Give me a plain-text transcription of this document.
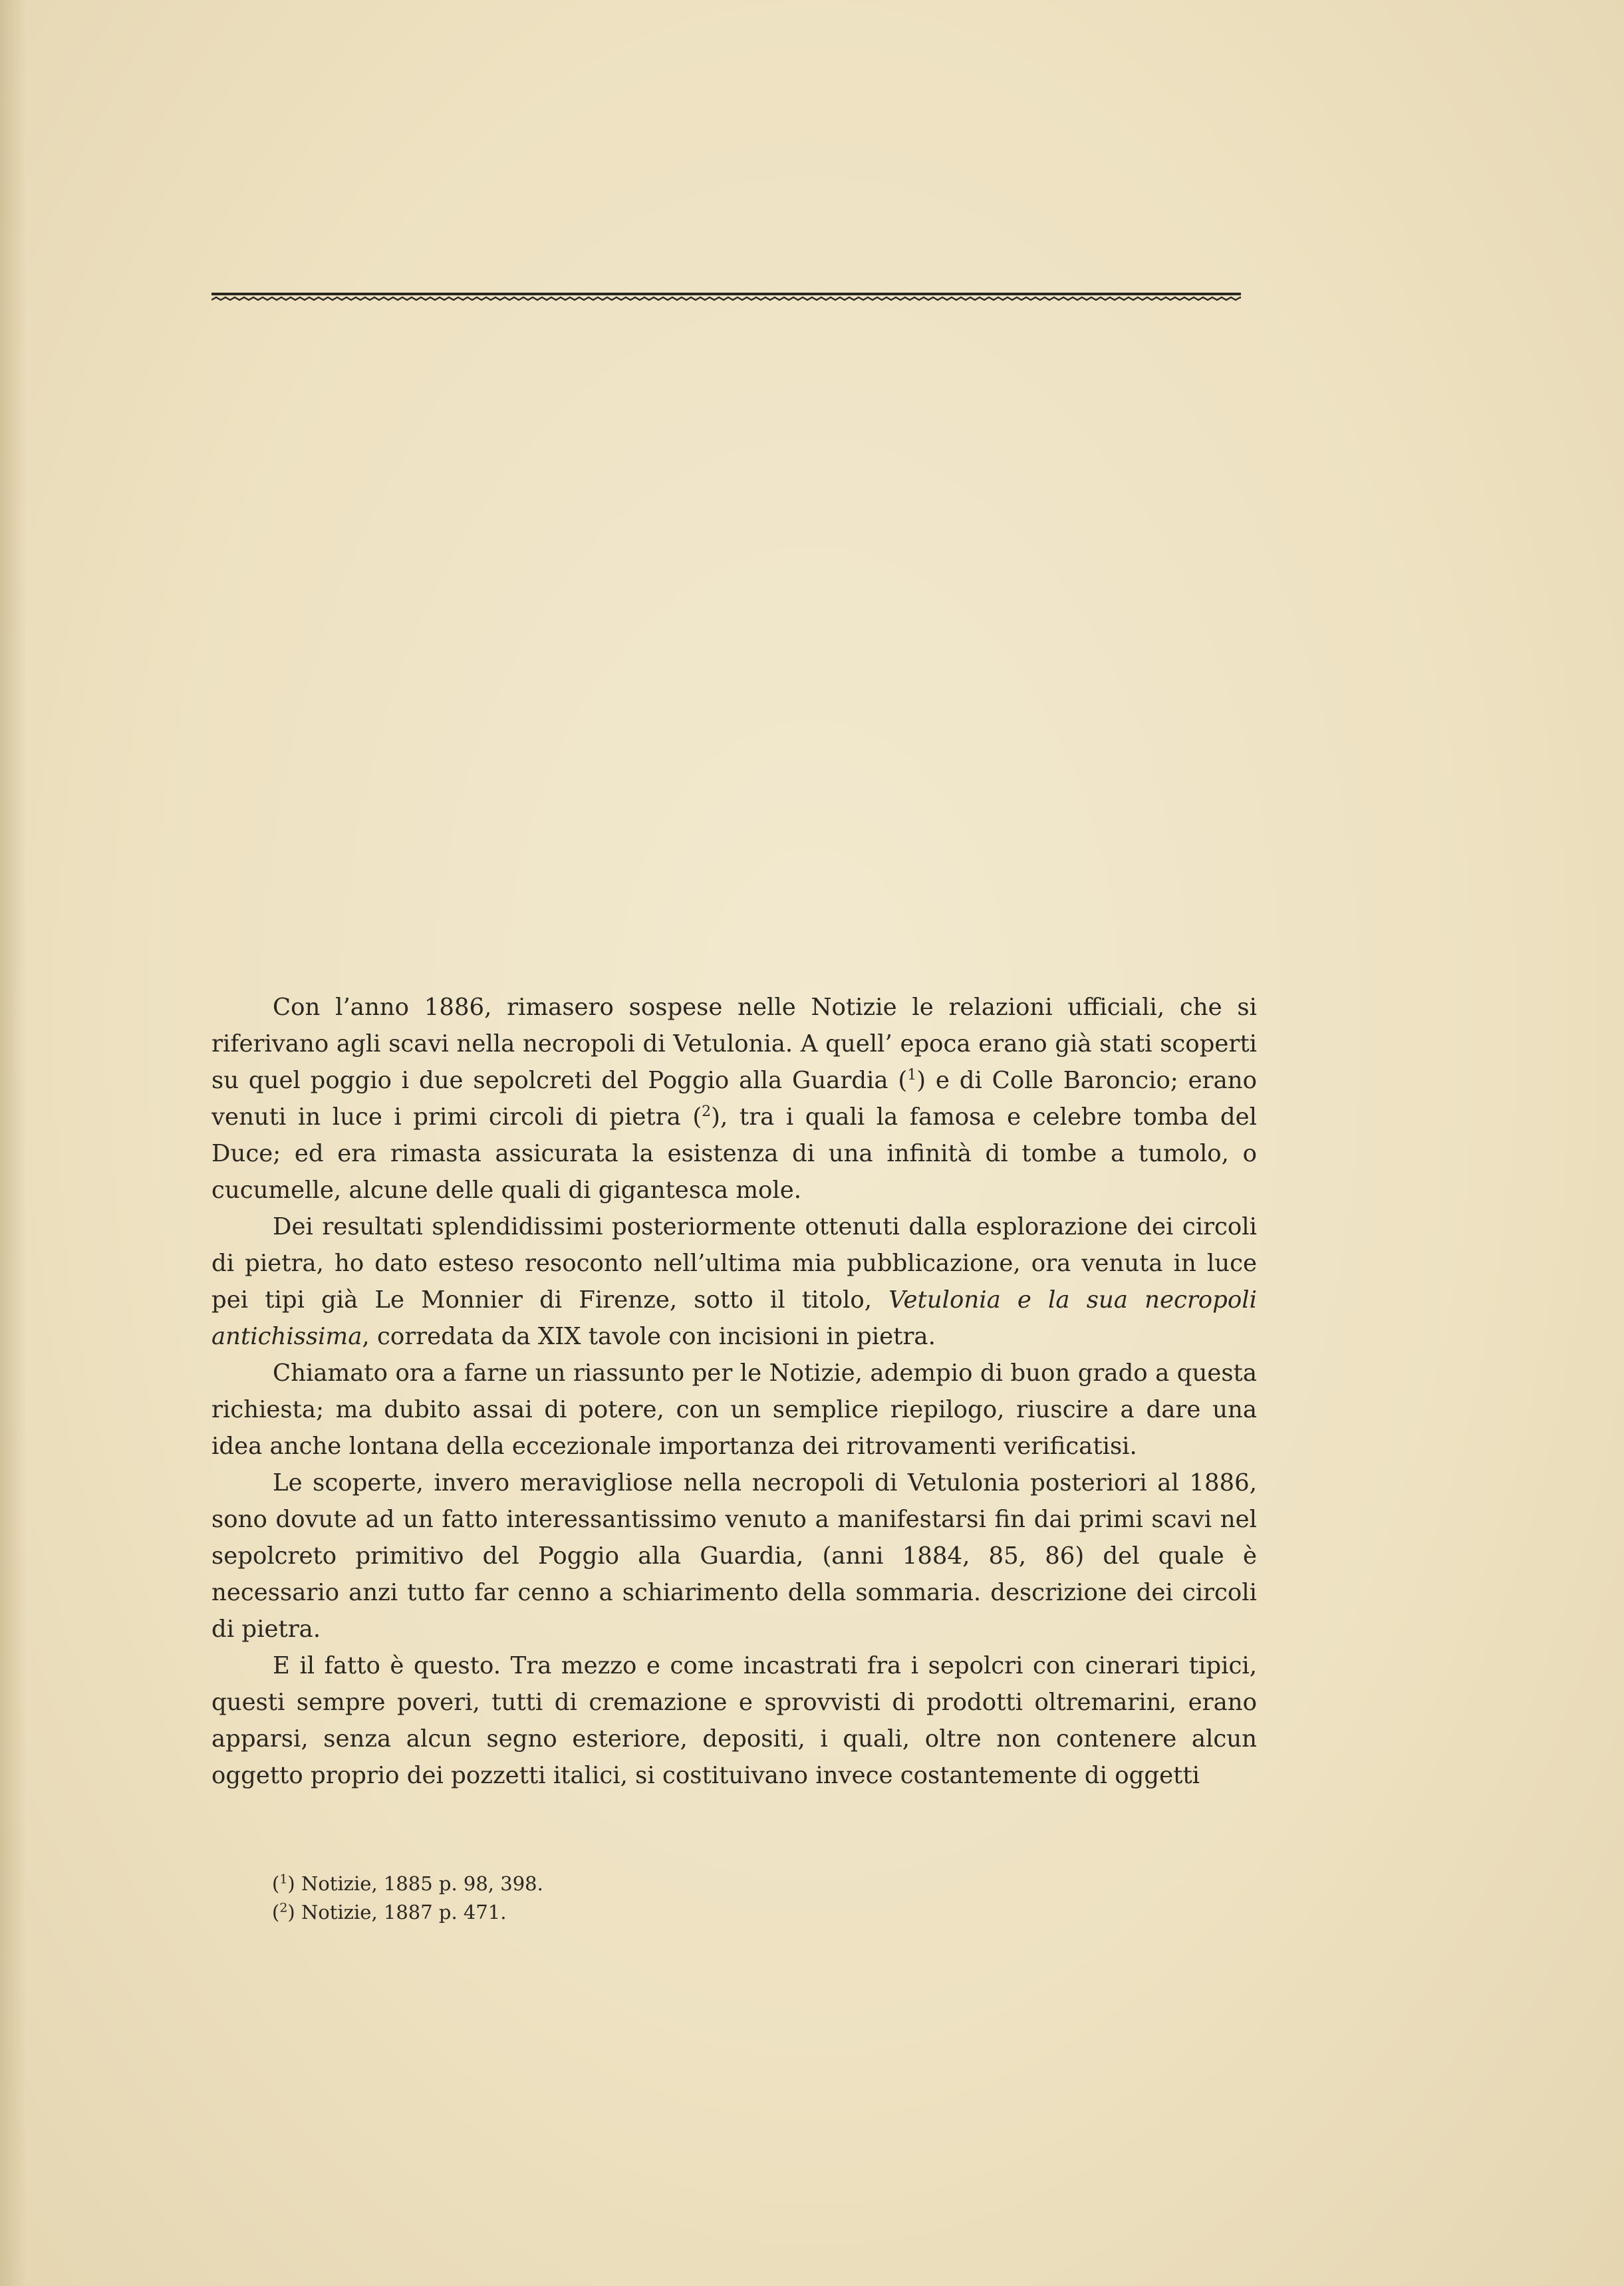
Con l’anno 1886, rimasero sospese nelle Notizie le relazioni ufficiali, che si riferivano agli scavi nella necropoli di Vetulonia. A quell’ epoca erano già stati scoperti su quel poggio i due sepolcreti del Poggio alla Guardia ($^1$) e di Colle Baroncio; erano venuti in luce i primi circoli di pietra ($^2$), tra i quali la famosa e celebre tomba del Duce; ed era rimasta assicurata la esistenza di una infinità di tombe a tumolo, o cucumelle, alcune delle quali di gigantesca mole.

Dei resultati splendidissimi posteriormente ottenuti dalla esplorazione dei circoli di pietra, ho dato esteso resoconto nell’ultima mia pubblicazione, ora venuta in luce pei tipi già Le Monnier di Firenze, sotto il titolo, Vetulonia e la sua necropoli antichissima, corredata da XIX tavole con incisioni in pietra.

Chiamato ora a farne un riassunto per le Notizie, adempio di buon grado a questa richiesta; ma dubito assai di potere, con un semplice riepilogo, riuscire a dare una idea anche lontana della eccezionale importanza dei ritrovamenti verificatisi.

Le scoperte, invero meravigliose nella necropoli di Vetulonia posteriori al 1886, sono dovute ad un fatto interessantissimo venuto a manifestarsi fin dai primi scavi nel sepolcreto primitivo del Poggio alla Guardia, (anni 1884, 85, 86) del quale è necessario anzi tutto far cenno a schiarimento della sommaria. descrizione dei circoli di pietra.

E il fatto è questo. Tra mezzo e come incastrati fra i sepolcri con cinerari tipici, questi sempre poveri, tutti di cremazione e sprovvisti di prodotti oltremarini, erano apparsi, senza alcun segno esteriore, depositi, i quali, oltre non contenere alcun oggetto proprio dei pozzetti italici, si costituivano invece costantemente di oggetti

($^1$) Notizie, 1885 p. 98, 398.
($^2$) Notizie, 1887 p. 471.
